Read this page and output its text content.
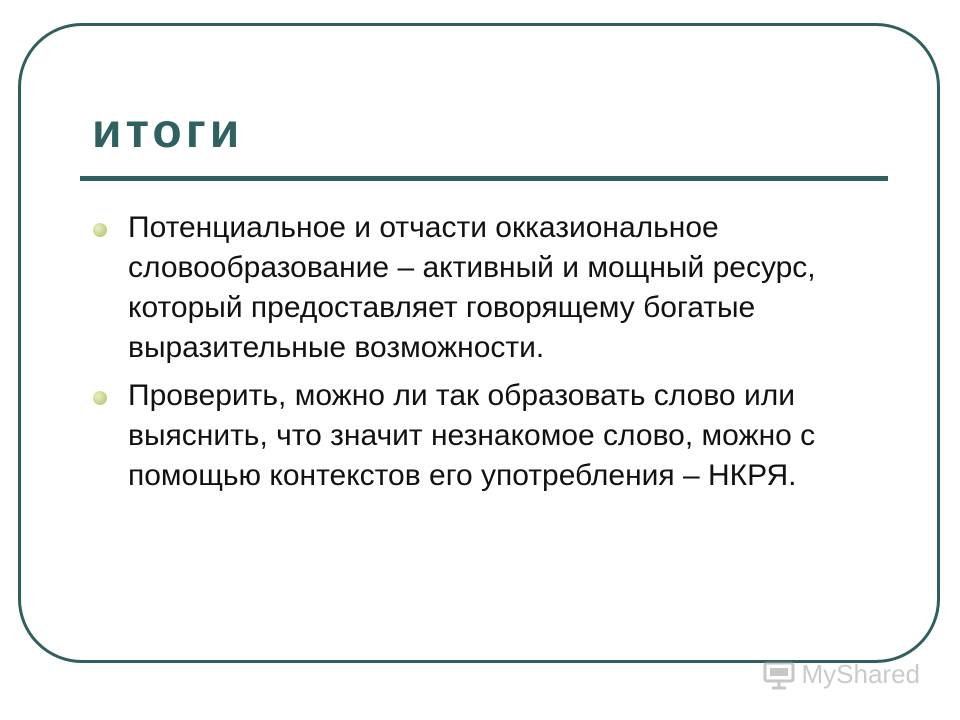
итоги
Потенциальное и отчасти окказиональное словообразование – активный и мощный ресурс, который предоставляет говорящему богатые выразительные возможности.
Проверить, можно ли так образовать слово или выяснить, что значит незнакомое слово, можно с помощью контекстов его употребления – НКРЯ.
MyShared
